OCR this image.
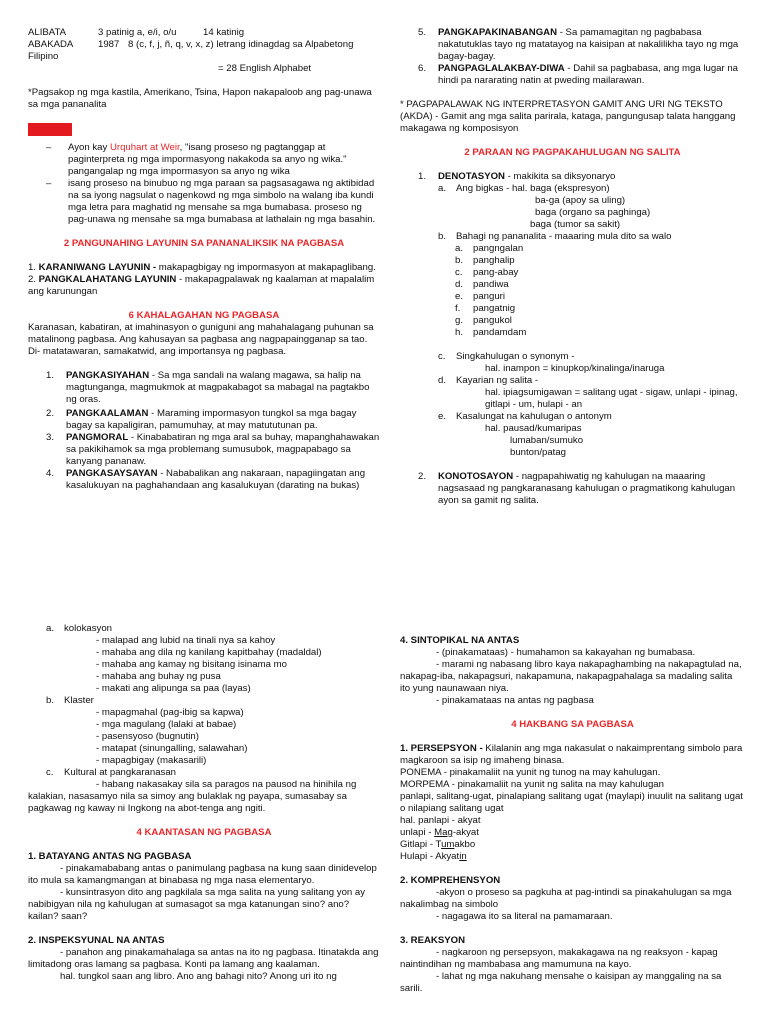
ALIBATA	3 patinig a, e/i, o/u	14 katinig
ABAKADA	1987 8 (c, f, j, ñ, q, v, x, z) letrang idinagdag sa Alpabetong

Filipino

= 28 English Alphabet

*Pagsakop ng mga kastila, Amerikano, Tsina, Hapon nakapaloob ang pag-unawa sa mga pananalita

– Ayon kay Urquhart at Weir, "isang proseso ng pagtanggap at paginterpreta ng mga impormasyong nakakoda sa anyo ng wika." pangangalap ng mga impormasyon sa anyo ng wika
– isang proseso na binubuo ng mga paraan sa pagsasagawa ng aktibidad na sa iyong nagsulat o nagenkowd ng mga simbolo na walang iba kundi mga letra para maghatid ng mensahe sa mga bumabasa. proseso ng pag-unawa ng mensahe sa mga bumabasa at lathalain ng mga basahin.

2 PANGUNAHING LAYUNIN SA PANANALIKSIK NA PAGBASA

1. KARANIWANG LAYUNIN - makapagbigay ng impormasyon at makapaglibang.

2. PANGKALAHATANG LAYUNIN - makapagpalawak ng kaalaman at mapalalim ang karunungan

6 KAHALAGAHAN NG PAGBASA

Karanasan, kabatiran, at imahinasyon o guniguni ang mahahalagang puhunan sa matalinong pagbasa. Ang kahusayan sa pagbasa ang nagpapaingganap sa tao. Di- matatawaran, samakatwid, ang importansya ng pagbasa.

1. PANGKASIYAHAN - Sa mga sandali na walang magawa, sa halip na magtunganga, magmukmok at magpakabagot sa mabagal na pagtakbo ng oras.
2. PANGKAALAMAN - Maraming impormasyon tungkol sa mga bagay bagay sa kapaligiran, pamumuhay, at may matututunan pa.
3. PANGMORAL - Kinababatiran ng mga aral sa buhay, mapanghahawakan sa pakikihamok sa mga problemang sumusubok, magpapabago sa kanyang pananaw.
4. PANGKASAYSAYAN - Nababalikan ang nakaraan, napagiingatan ang kasalukuyan na paghahandaan ang kasalukuyan (darating na bukas)
5. PANGKAPAKINABANGAN - Sa pamamagitan ng pagbabasa nakatutuklas tayo ng matatayog na kaisipan at nakalilikha tayo ng mga bagay-bagay.
6. PANGPAGLALAKBAY-DIWA - Dahil sa pagbabasa, ang mga lugar na hindi pa nararating natin at pweding mailarawan.

* PAGPAPALAWAK NG INTERPRETASYON GAMIT ANG URI NG TEKSTO (AKDA) - Gamit ang mga salita parirala, kataga, pangungusap talata hanggang makagawa ng komposisyon

2 PARAAN NG PAGPAKAHULUGAN NG SALITA

1. DENOTASYON - makikita sa diksyonaryo
a. Ang bigkas - hal. baga (ekspresyon)

ba-ga (apoy sa uling)

baga (organo sa paghinga)

baga (tumor sa sakit)

b. Bahagi ng pananalita - maaaring mula dito sa walo
a. pangngalan
b. panghalip
c. pang-abay
d. pandiwa
e. panguri
f. pangatnig
g. pangukol
h. pandamdam
c. Singkahulugan o synonym -

hal. inampon = kinupkop/kinalinga/inaruga

d. Kayarian ng salita -

hal. ipiagsumigawan = salitang ugat - sigaw, unlapi - ipinag, gitlapi - um, hulapi - an

e. Kasalungat na kahulugan o antonym

hal. pausad/kumaripas

lumaban/sumuko

bunton/patag

2. KONOTOSAYON - nagpapahiwatig ng kahulugan na maaaring nagsasaad ng pangkaranasang kahulugan o pragmatikong kahulugan ayon sa gamit ng salita.
a. kolokasyon

- malapad ang lubid na tinali nya sa kahoy

- mahaba ang dila ng kanilang kapitbahay (madaldal)

- mahaba ang kamay ng bisitang isinama mo

- mahaba ang buhay ng pusa

- makati ang alipunga sa paa (layas)

b. Klaster

- mapagmahal (pag-ibig sa kapwa)

- mga magulang (lalaki at babae)

- pasensyoso (bugnutin)

- matapat (sinungalling, salawahan)

- mapagbigay (makasarili)

c. Kultural at pangkaranasan

- habang nakasakay sila sa paragos na pausod na hinihila ng kalakian, nasasamyo nila sa simoy ang bulaklak ng payapa, sumasabay sa pagkawag ng kaway ni Ingkong na abot-tenga ang ngiti.

4 KAANTASAN NG PAGBASA

1. BATAYANG ANTAS NG PAGBASA

- pinakamababang antas o panimulang pagbasa na kung saan dinidevelop ito mula sa kamangmangan at binabasa ng mga nasa elementaryo.

- kunsintrasyon dito ang pagkilala sa mga salita na yung salitang yon ay nabibigyan nila ng kahulugan at sumasagot sa mga katanungan sino? ano? kailan? saan?

2. INSPEKSYUNAL NA ANTAS

- panahon ang pinakamahalaga sa antas na ito ng pagbasa. Itinatakda ang limitadong oras lamang sa pagbasa. Konti pa lamang ang kaalaman.

hal. tungkol saan ang libro. Ano ang bahagi nito? Anong uri ito ng

4. SINTOPIKAL NA ANTAS

- (pinakamataas) - humahamon sa kakayahan ng bumabasa.

- marami ng nabasang libro kaya nakapaghambing na nakapagtulad na, nakapag-iba, nakapagsuri, nakapamuna, nakapagpahalaga sa madaling salita ito yung naunawaan niya.

- pinakamataas na antas ng pagbasa

4 HAKBANG SA PAGBASA

1. PERSEPSYON - Kilalanin ang mga nakasulat o nakaimprentang simbolo para magkaroon sa isip ng imaheng binasa.

PONEMA - pinakamaliit na yunit ng tunog na may kahulugan.

MORPEMA - pinakamaliit na yunit ng salita na may kahulugan

panlapi, salitang-ugat, pinalapiang salitang ugat (maylapi) inuulit na salitang ugat o nilapiang salitang ugat

hal. panlapi - akyat

unlapi - Mag-akyat

Gitlapi - Tumakbo

Hulapi - Akyatin

2. KOMPREHENSYON

-akyon o proseso sa pagkuha at pag-intindi sa pinakahulugan sa mga nakalimbag na simbolo

- nagagawa ito sa literal na pamamaraan.

3. REAKSYON

- nagkaroon ng persepsyon, makakagawa na ng reaksyon - kapag naintindihan ng mambabasa ang mamumuna na kayo.

- lahat ng mga nakuhang mensahe o kaisipan ay manggaling na sa sarili.
